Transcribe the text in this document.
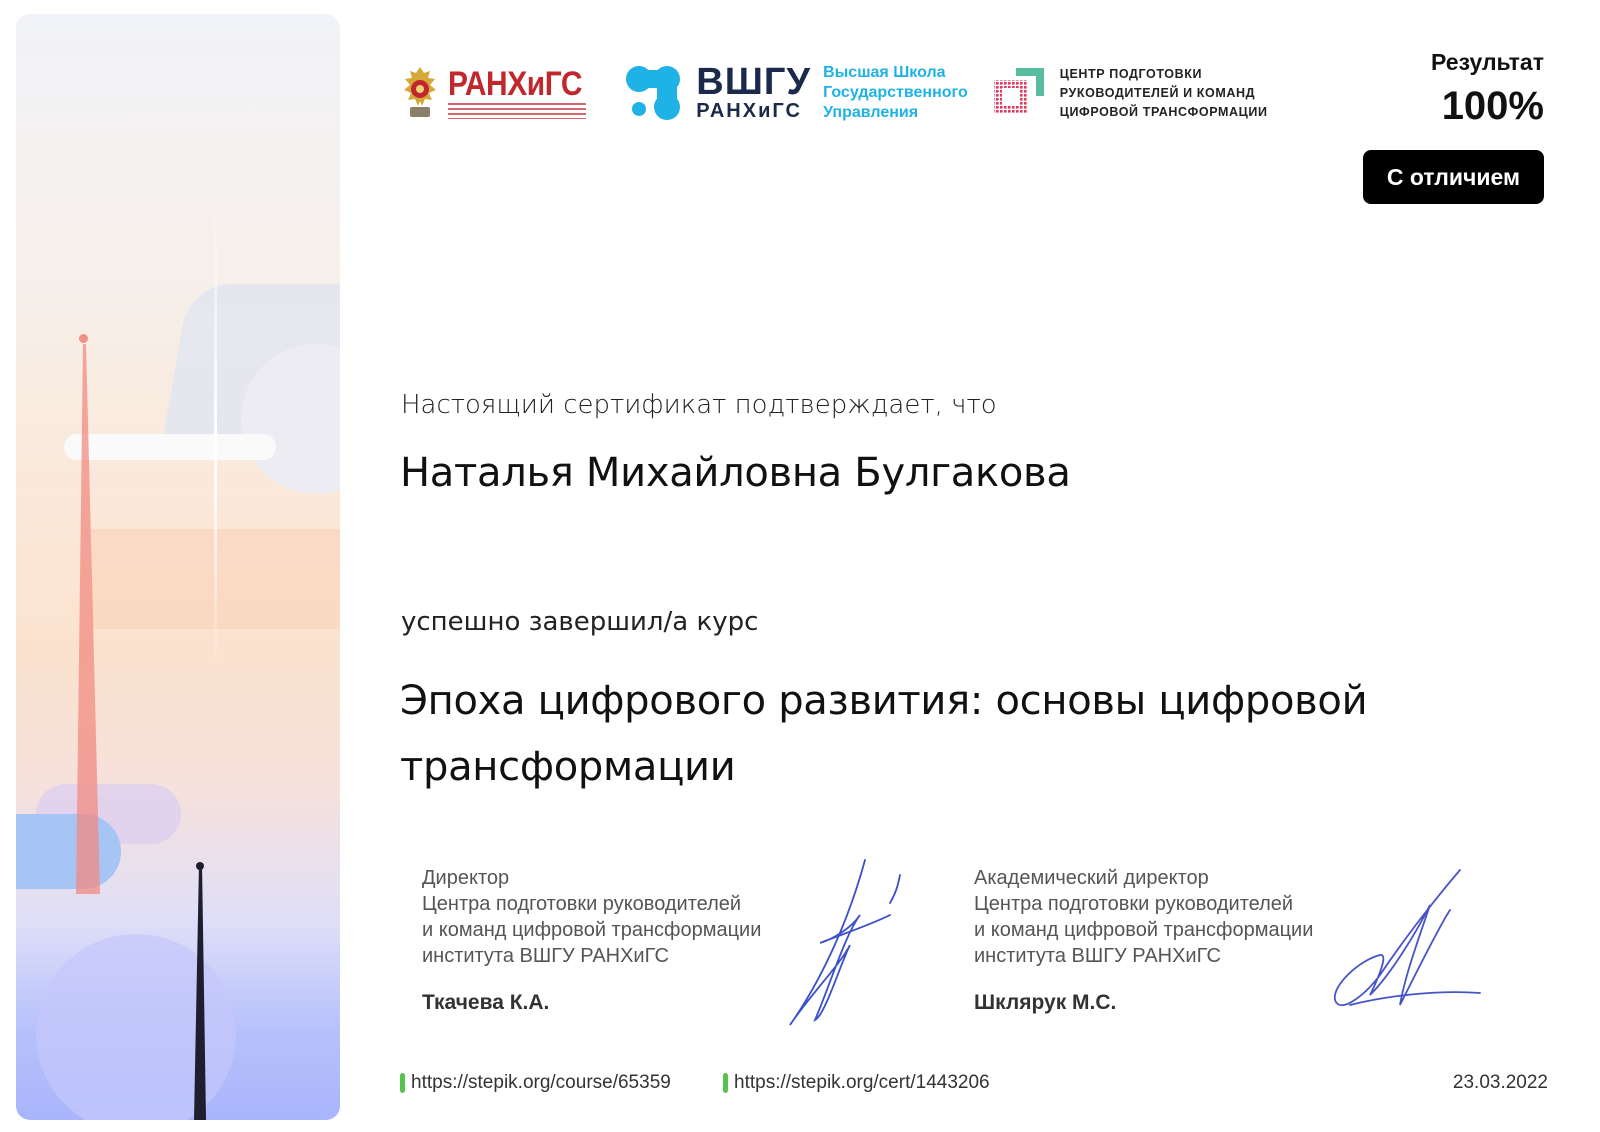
РАНХиГС	ВШГУ
РАНХиГС
Высшая Школа
Государственного
Управления
ЦЕНТР ПОДГОТОВКИ
РУКОВОДИТЕЛЕЙ И КОМАНД
ЦИФРОВОЙ ТРАНСФОРМАЦИИ
Результат
100%
С отличием
Настоящий сертификат подтверждает, что
Наталья Михайловна Булгакова
успешно завершил/а курс
Эпоха цифрового развития: основы цифровой трансформации
Директор
Центра подготовки руководителей
и команд цифровой трансформации
института ВШГУ РАНХиГС
Ткачева К.А.
Академический директор
Центра подготовки руководителей
и команд цифровой трансформации
института ВШГУ РАНХиГС
Шклярук М.С.
https://stepik.org/course/65359	https://stepik.org/cert/1443206	23.03.2022
